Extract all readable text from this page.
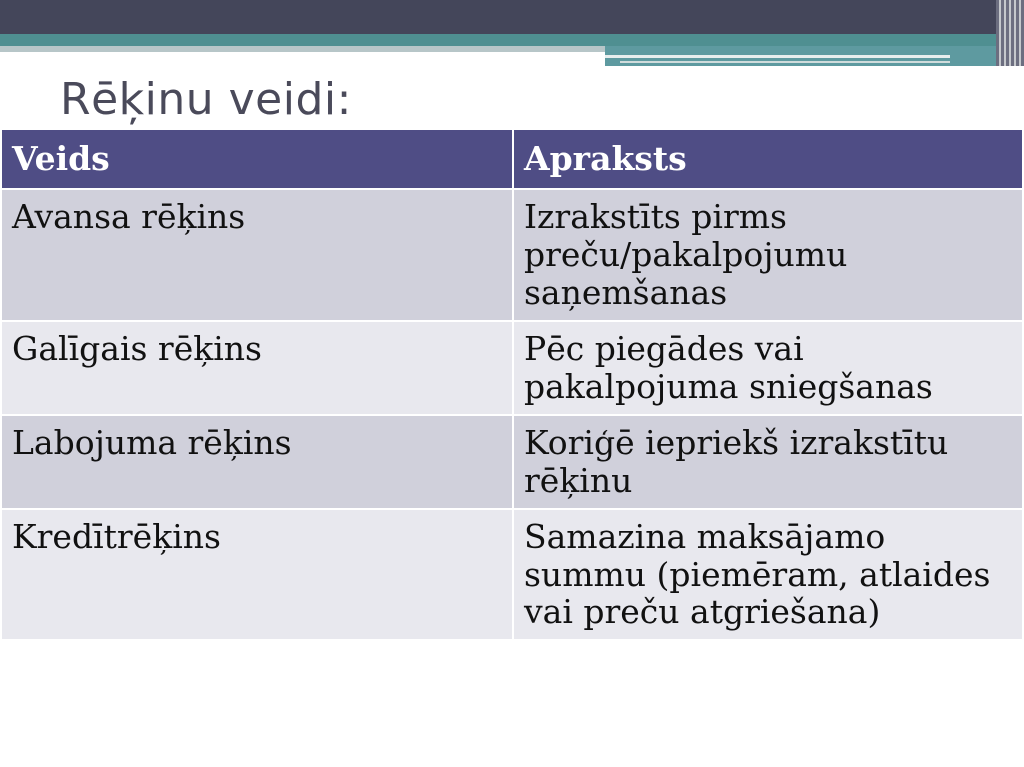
Rēķinu veidi:
Veids	Apraksts
Avansa rēķins	Izrakstīts pirms preču/pakalpojumu saņemšanas
Galīgais rēķins	Pēc piegādes vai pakalpojuma sniegšanas
Labojuma rēķins	Koriģē iepriekš izrakstītu rēķinu
Kredītrēķins	Samazina maksājamo summu (piemēram, atlaides vai preču atgriešana)
